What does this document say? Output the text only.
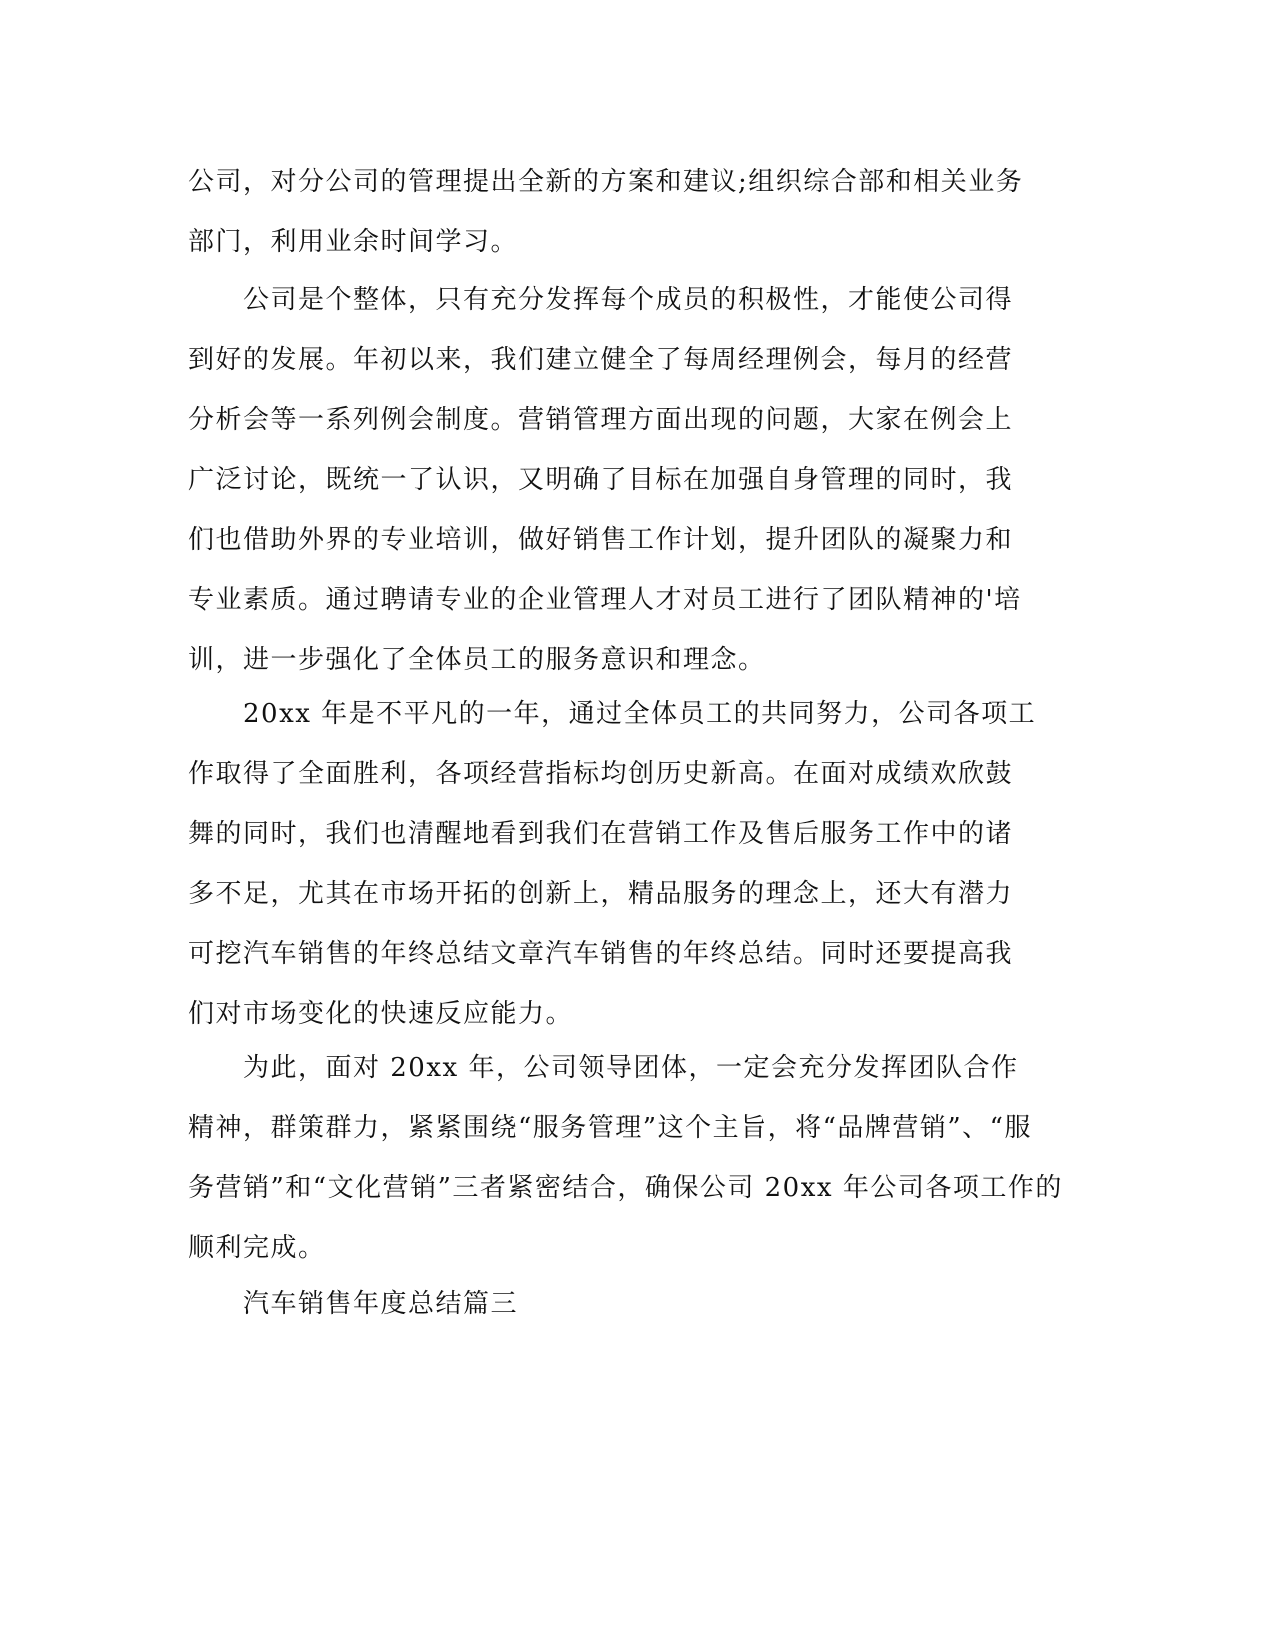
公司，对分公司的管理提出全新的方案和建议;组织综合部和相关业务
部门，利用业余时间学习。
　　公司是个整体，只有充分发挥每个成员的积极性，才能使公司得
到好的发展。年初以来，我们建立健全了每周经理例会，每月的经营
分析会等一系列例会制度。营销管理方面出现的问题，大家在例会上
广泛讨论，既统一了认识，又明确了目标在加强自身管理的同时，我
们也借助外界的专业培训，做好销售工作计划，提升团队的凝聚力和
专业素质。通过聘请专业的企业管理人才对员工进行了团队精神的'培
训，进一步强化了全体员工的服务意识和理念。
　　20xx 年是不平凡的一年，通过全体员工的共同努力，公司各项工
作取得了全面胜利，各项经营指标均创历史新高。在面对成绩欢欣鼓
舞的同时，我们也清醒地看到我们在营销工作及售后服务工作中的诸
多不足，尤其在市场开拓的创新上，精品服务的理念上，还大有潜力
可挖汽车销售的年终总结文章汽车销售的年终总结。同时还要提高我
们对市场变化的快速反应能力。
　　为此，面对 20xx 年，公司领导团体，一定会充分发挥团队合作
精神，群策群力，紧紧围绕“服务管理”这个主旨，将“品牌营销”、“服
务营销”和“文化营销”三者紧密结合，确保公司 20xx 年公司各项工作的
顺利完成。
　　汽车销售年度总结篇三
